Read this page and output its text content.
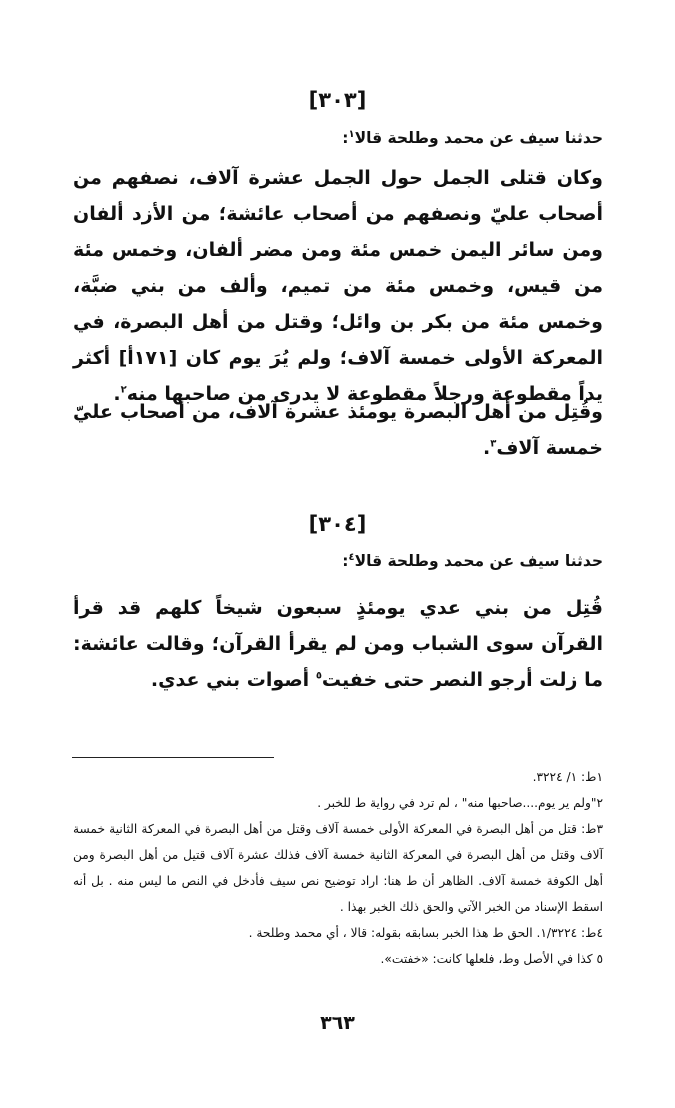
[٣٠٣]
حدثنا سيف عن محمد وطلحة قالا$^١$:
وكان قتلى الجمل حول الجمل عشرة آلاف، نصفهم من أصحاب عليّ ونصفهم من أصحاب عائشة؛ من الأزد ألفان ومن سائر اليمن خمس مئة ومن مضر ألفان، وخمس مئة من قيس، وخمس مئة من تميم، وألف من بني ضبَّة، وخمس مئة من بكر بن وائل؛ وقتل من أهل البصرة، في المعركة الأولى خمسة آلاف؛ ولم يُرَ يوم كان [١٧١أ] أكثر يداً مقطوعة ورجلاً مقطوعة لا يدرى من صاحبها منه$^٢$.
وقُتِل من أهل البصرة يومئذ عشرة آلاف، من أصحاب عليّ خمسة آلاف$^٣$.
[٣٠٤]
حدثنا سيف عن محمد وطلحة قالا$^٤$:
قُتِل من بني عدي يومئذٍ سبعون شيخاً كلهم قد قرأ القرآن سوى الشباب ومن لم يقرأ القرآن؛ وقالت عائشة: ما زلت أرجو النصر حتى خفيت$^٥$ أصوات بني عدي.
١ط: ١/ ٣٢٢٤.
٢"ولم ير يوم....صاحبها منه" ، لم ترد في رواية ط للخبر .
٣ط: قتل من أهل البصرة في المعركة الأولى خمسة آلاف وقتل من أهل البصرة في المعركة الثانية خمسة آلاف وقتل من أهل البصرة في المعركة الثانية خمسة آلاف فذلك عشرة آلاف قتيل من أهل البصرة ومن أهل الكوفة خمسة آلاف. الظاهر أن ط هنا: اراد توضيح نص سيف فأدخل في النص ما ليس منه . بل أنه اسقط الإسناد من الخبر الآتي والحق ذلك الخبر بهذا .
٤ط: ١/٣٢٢٤. الحق ط هذا الخبر بسابقه بقوله: قالا ، أي محمد وطلحة .
٥ كذا في الأصل وط، فلعلها كانت: «خفتت».
٣٦٣
